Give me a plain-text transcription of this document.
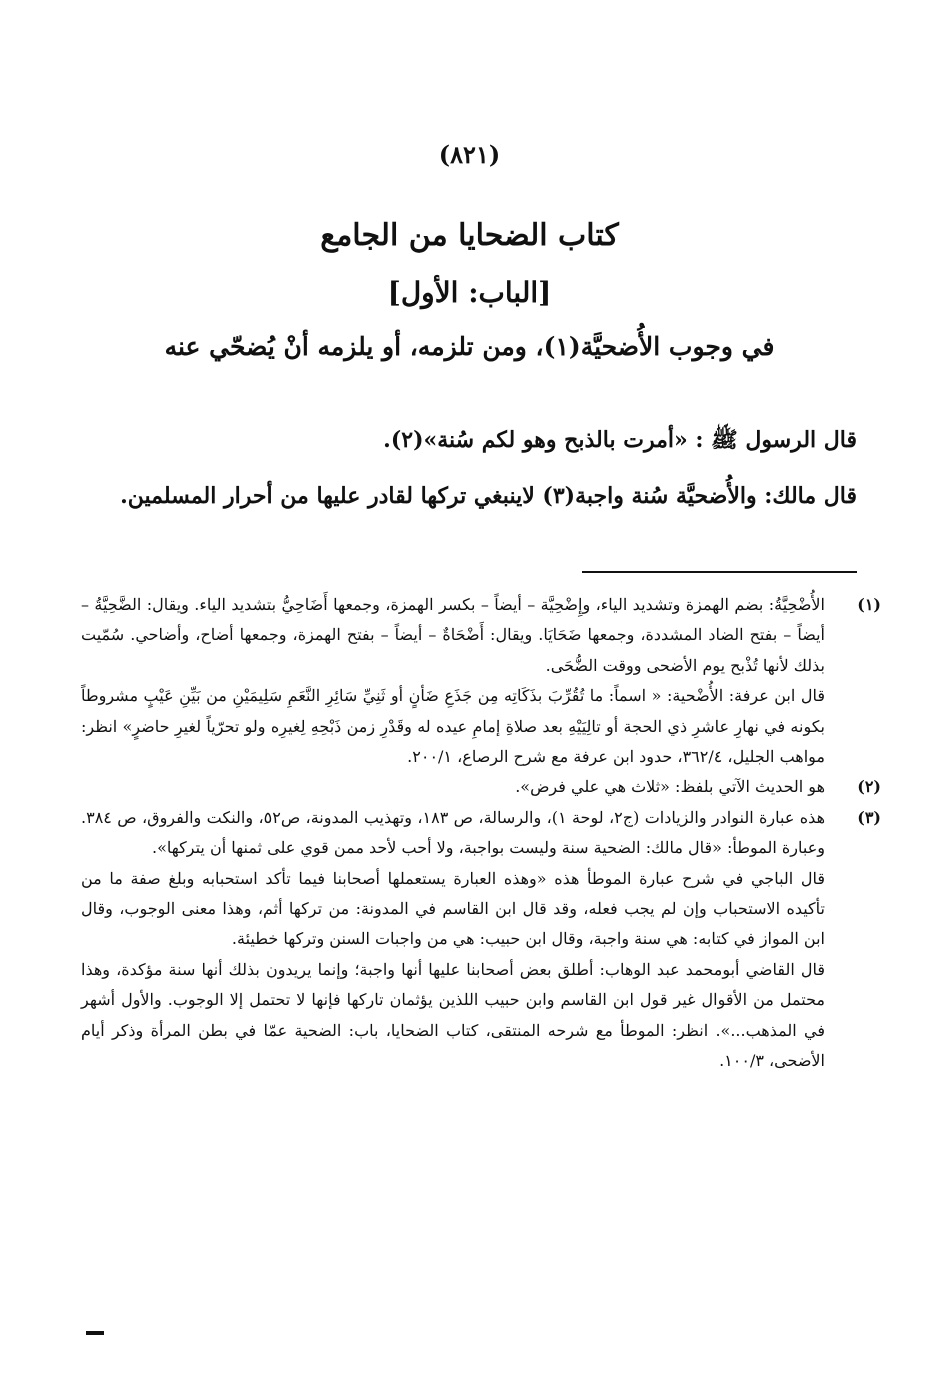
(٨٢١)
كتاب الضحايا من الجامع
[الباب: الأول]
في وجوب الأُضحيَّة(١)، ومن تلزمه، أو يلزمه أنْ يُضحّي عنه

قال الرسول ﷺ : «أمرت بالذبح وهو لكم سُنة»(٢).

قال مالك: والأُضحيَّة سُنة واجبة(٣) لاينبغي تركها لقادر عليها من أحرار المسلمين.

(١)

الأُضْحِيَّةُ: بضم الهمزة وتشديد الياء، وإِضْحِيَّة – أيضاً – بكسر الهمزة، وجمعها أَضَاحِيُّ بتشديد الياء. ويقال: الضَّحِيَّةُ – أيضاً – بفتح الضاد المشددة، وجمعها ضَحَايَا. ويقال: أَضْحَاةٌ – أيضاً – بفتح الهمزة، وجمعها أضاح، وأضاحي. سُمّيت بذلك لأنها تُذْبح يوم الأضحى ووقت الضُّحَى.

قال ابن عرفة: الأُضْحية: « اسماً: ما تُقُرِّبَ بذَكَاتِه مِن جَذَعِ ضَأنٍ أو ثَنِيِّ سَائِرِ النَّعَمِ سَلِيمَيْنِ من بَيِّنِ عَيْبٍ مشروطاً بكونه في نهارِ عاشرِ ذي الحجة أو تالِيَيْهِ بعد صلاةِ إمامِ عيده له وقَدْرِ زمن ذَبْحِهِ لِغيرِه ولو تحرّياً لغيرِ حاضرٍ» انظر: مواهب الجليل، ٣٦٢/٤، حدود ابن عرفة مع شرح الرصاع، ٢٠٠/١.

(٢)

هو الحديث الآتي بلفظ: «ثلاث هي علي فرض».

(٣)

هذه عبارة النوادر والزيادات (ج٢، لوحة ١)، والرسالة، ص ١٨٣، وتهذيب المدونة، ص٥٢، والنكت والفروق، ص ٣٨٤. وعبارة الموطأ: «قال مالك: الضحية سنة وليست بواجبة، ولا أحب لأحد ممن قوي على ثمنها أن يتركها».

قال الباجي في شرح عبارة الموطأ هذه «وهذه العبارة يستعملها أصحابنا فيما تأكد استحبابه وبلغ صفة ما من تأكيده الاستحباب وإن لم يجب فعله، وقد قال ابن القاسم في المدونة: من تركها أثم، وهذا معنى الوجوب، وقال ابن المواز في كتابه: هي سنة واجبة، وقال ابن حبيب: هي من واجبات السنن وتركها خطيئة.

قال القاضي أبومحمد عبد الوهاب: أطلق بعض أصحابنا عليها أنها واجبة؛ وإنما يريدون بذلك أنها سنة مؤكدة، وهذا محتمل من الأقوال غير قول ابن القاسم وابن حبيب اللذين يؤثمان تاركها فإنها لا تحتمل إلا الوجوب. والأول أشهر في المذهب...». انظر: الموطأ مع شرحه المنتقى، كتاب الضحايا، باب: الضحية عمّا في بطن المرأة وذكر أيام الأضحى، ١٠٠/٣.
